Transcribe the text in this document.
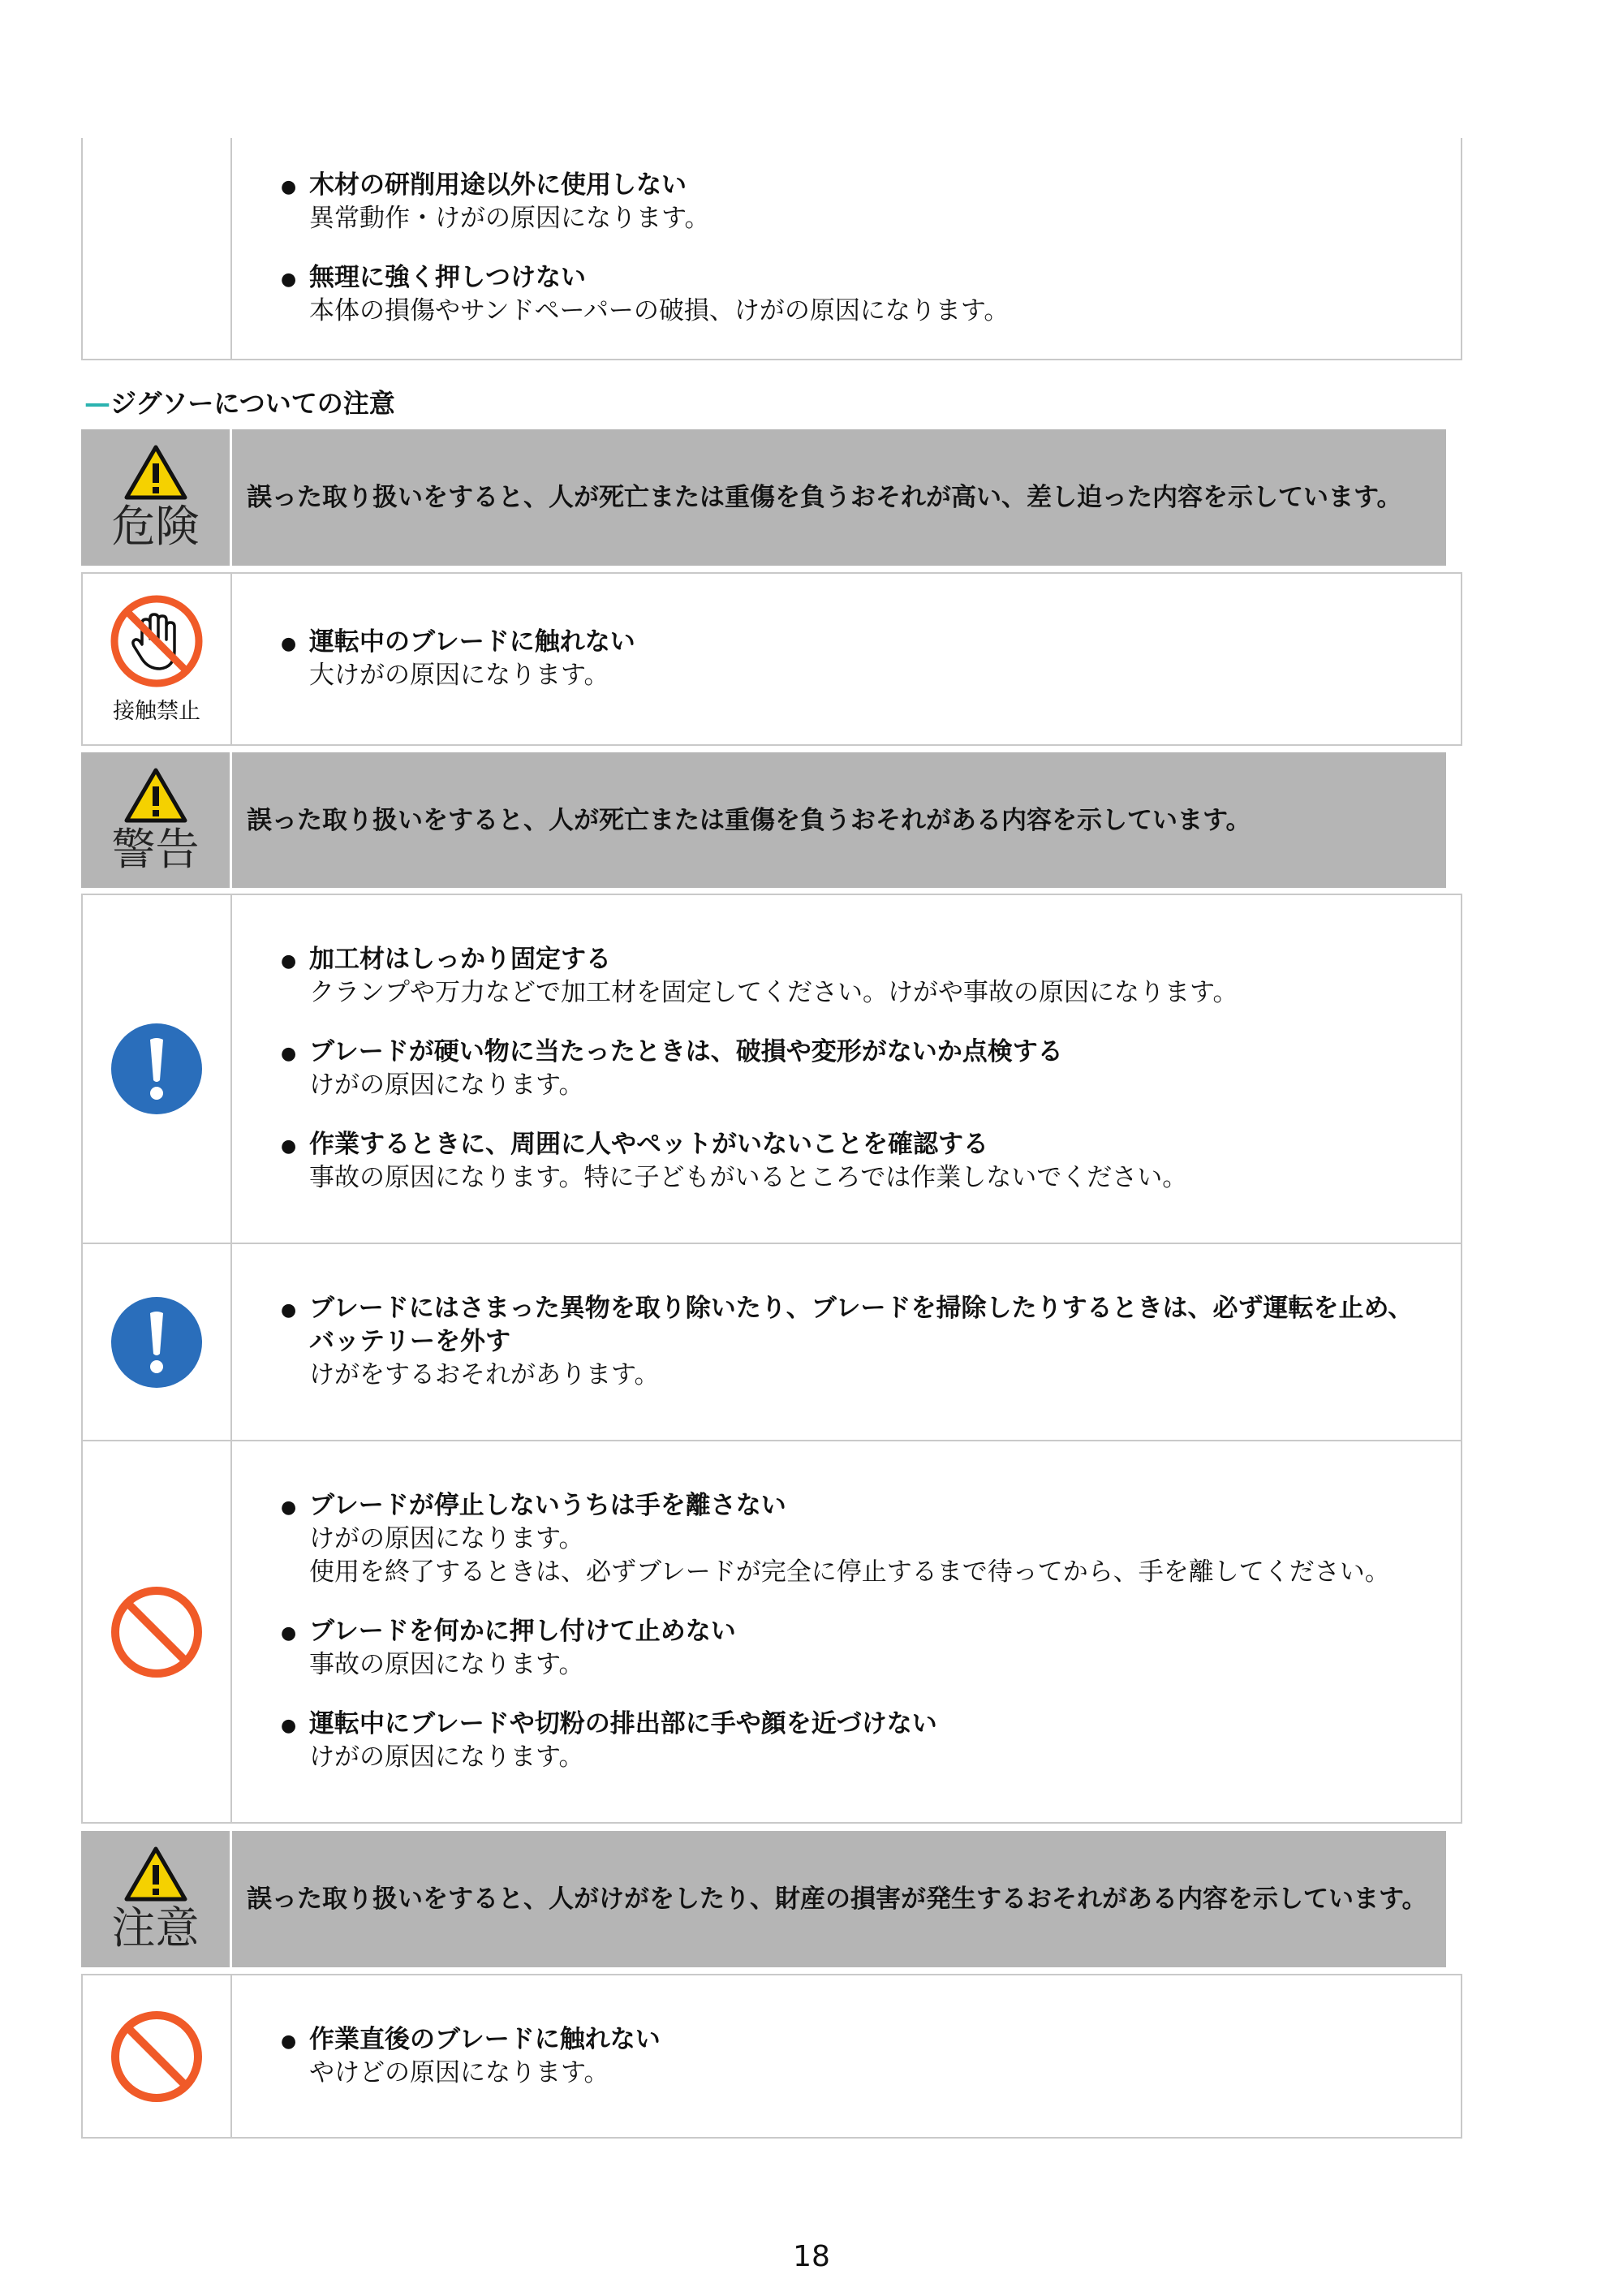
● 木材の研削用途以外に使用しない
異常動作・けがの原因になります。
● 無理に強く押しつけない
本体の損傷やサンドペーパーの破損、けがの原因になります。
—ジグソーについての注意
危険
誤った取り扱いをすると、人が死亡または重傷を負うおそれが高い、差し迫った内容を示しています。
接触禁止
● 運転中のブレードに触れない
大けがの原因になります。
警告
誤った取り扱いをすると、人が死亡または重傷を負うおそれがある内容を示しています。
● 加工材はしっかり固定する
クランプや万力などで加工材を固定してください。けがや事故の原因になります。
● ブレードが硬い物に当たったときは、破損や変形がないか点検する
けがの原因になります。
● 作業するときに、周囲に人やペットがいないことを確認する
事故の原因になります。特に子どもがいるところでは作業しないでください。
● ブレードにはさまった異物を取り除いたり、ブレードを掃除したりするときは、必ず運転を止め、バッテリーを外す
けがをするおそれがあります。
● ブレードが停止しないうちは手を離さない
けがの原因になります。
使用を終了するときは、必ずブレードが完全に停止するまで待ってから、手を離してください。
● ブレードを何かに押し付けて止めない
事故の原因になります。
● 運転中にブレードや切粉の排出部に手や顔を近づけない
けがの原因になります。
注意
誤った取り扱いをすると、人がけがをしたり、財産の損害が発生するおそれがある内容を示しています。
● 作業直後のブレードに触れない
やけどの原因になります。
18
